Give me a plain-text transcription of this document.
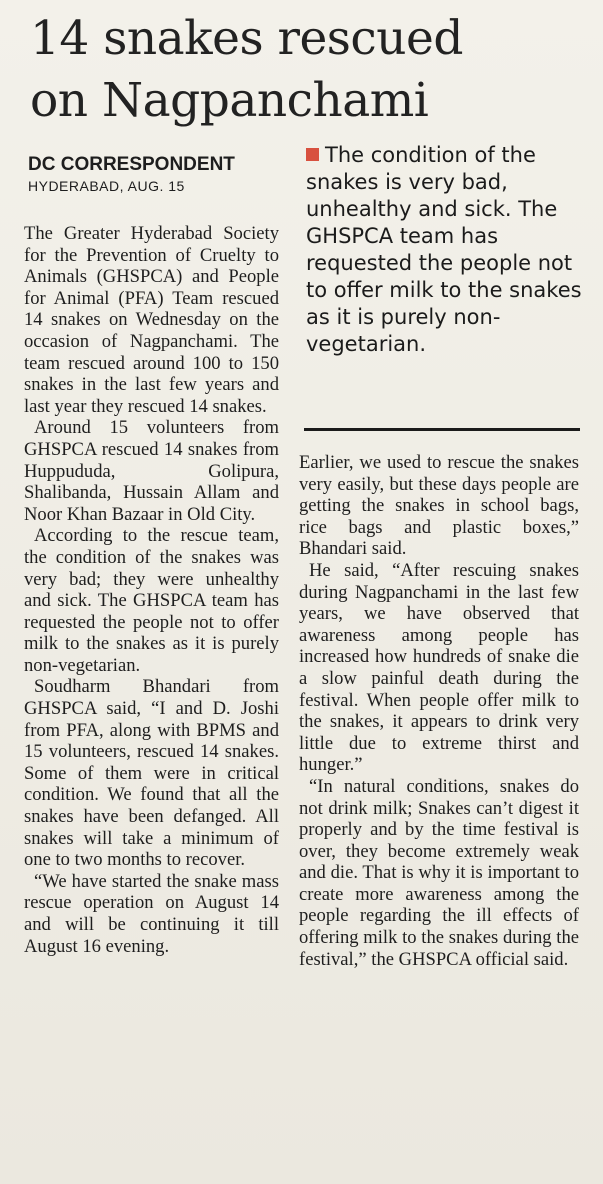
14 snakes rescued
on Nagpanchami
DC CORRESPONDENT
HYDERABAD, AUG. 15
The condition of the snakes is very bad, unhealthy and sick. The GHSPCA team has requested the people not to offer milk to the snakes as it is purely non-vegetarian.

The Greater Hyderabad Society for the Prevention of Cruelty to Animals (GHSPCA) and People for Animal (PFA) Team rescued 14 snakes on Wednesday on the occasion of Nagpanchami. The team rescued around 100 to 150 snakes in the last few years and last year they rescued 14 snakes.

Around 15 volunteers from GHSPCA rescued 14 snakes from Huppududa, Golipura, Shalibanda, Hussain Allam and Noor Khan Bazaar in Old City.

According to the rescue team, the condition of the snakes was very bad; they were unhealthy and sick. The GHSPCA team has requested the people not to offer milk to the snakes as it is purely non-vegetarian.

Soudharm Bhandari from GHSPCA said, “I and D. Joshi from PFA, along with BPMS and 15 volunteers, rescued 14 snakes. Some of them were in critical condition. We found that all the snakes have been defanged. All snakes will take a minimum of one to two months to recover.

“We have started the snake mass rescue operation on August 14 and will be continuing it till August 16 evening.

Earlier, we used to rescue the snakes very easily, but these days people are getting the snakes in school bags, rice bags and plastic boxes,” Bhandari said.

He said, “After rescuing snakes during Nagpanchami in the last few years, we have observed that awareness among people has increased how hundreds of snake die a slow painful death during the festival. When people offer milk to the snakes, it appears to drink very little due to extreme thirst and hunger.”

“In natural conditions, snakes do not drink milk; Snakes can’t digest it properly and by the time festival is over, they become extremely weak and die. That is why it is important to create more awareness among the people regarding the ill effects of offering milk to the snakes during the festival,” the GHSPCA official said.
